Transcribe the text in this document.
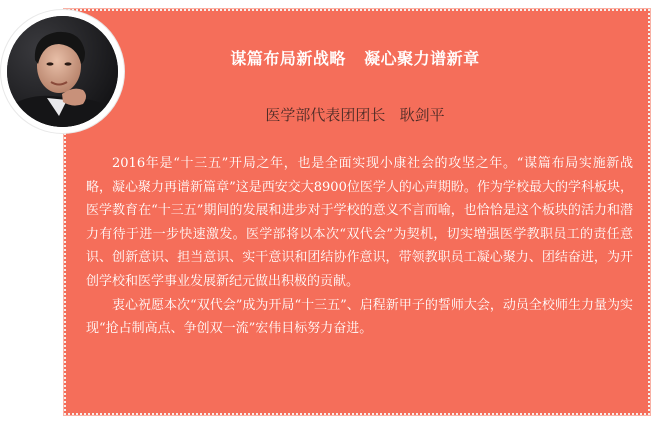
谋篇布局新战略   凝心聚力谱新章
医学部代表团团长   耿剑平

2016年是“十三五”开局之年，也是全面实现小康社会的攻坚之年。“谋篇布局实施新战略，凝心聚力再谱新篇章”这是西安交大8900位医学人的心声期盼。作为学校最大的学科板块，医学教育在“十三五”期间的发展和进步对于学校的意义不言而喻，也恰恰是这个板块的活力和潜力有待于进一步快速激发。医学部将以本次“双代会”为契机，切实增强医学教职员工的责任意识、创新意识、担当意识、实干意识和团结协作意识，带领教职员工凝心聚力、团结奋进，为开创学校和医学事业发展新纪元做出积极的贡献。

衷心祝愿本次“双代会”成为开局“十三五”、启程新甲子的誓师大会，动员全校师生力量为实现“抢占制高点、争创双一流”宏伟目标努力奋进。
